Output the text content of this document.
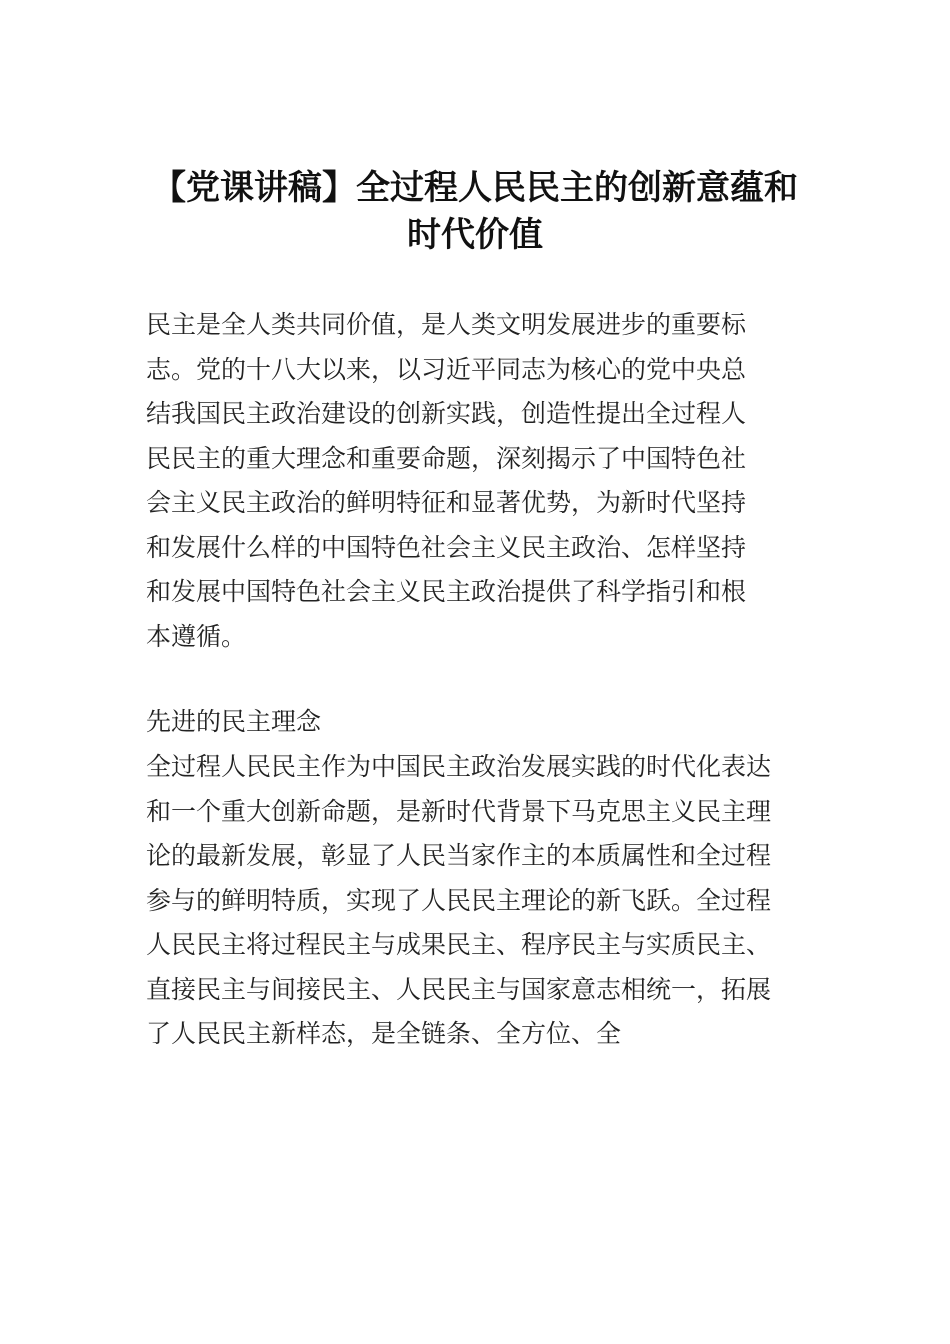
【党课讲稿】全过程人民民主的创新意蕴和
时代价值

民主是全人类共同价值，是人类文明发展进步的重要标
志。党的十八大以来，以习近平同志为核心的党中央总
结我国民主政治建设的创新实践，创造性提出全过程人
民民主的重大理念和重要命题，深刻揭示了中国特色社
会主义民主政治的鲜明特征和显著优势，为新时代坚持
和发展什么样的中国特色社会主义民主政治、怎样坚持
和发展中国特色社会主义民主政治提供了科学指引和根
本遵循。

先进的民主理念

全过程人民民主作为中国民主政治发展实践的时代化表达
和一个重大创新命题，是新时代背景下马克思主义民主理
论的最新发展，彰显了人民当家作主的本质属性和全过程
参与的鲜明特质，实现了人民民主理论的新飞跃。全过程
人民民主将过程民主与成果民主、程序民主与实质民主、
直接民主与间接民主、人民民主与国家意志相统一，拓展
了人民民主新样态，是全链条、全方位、全
